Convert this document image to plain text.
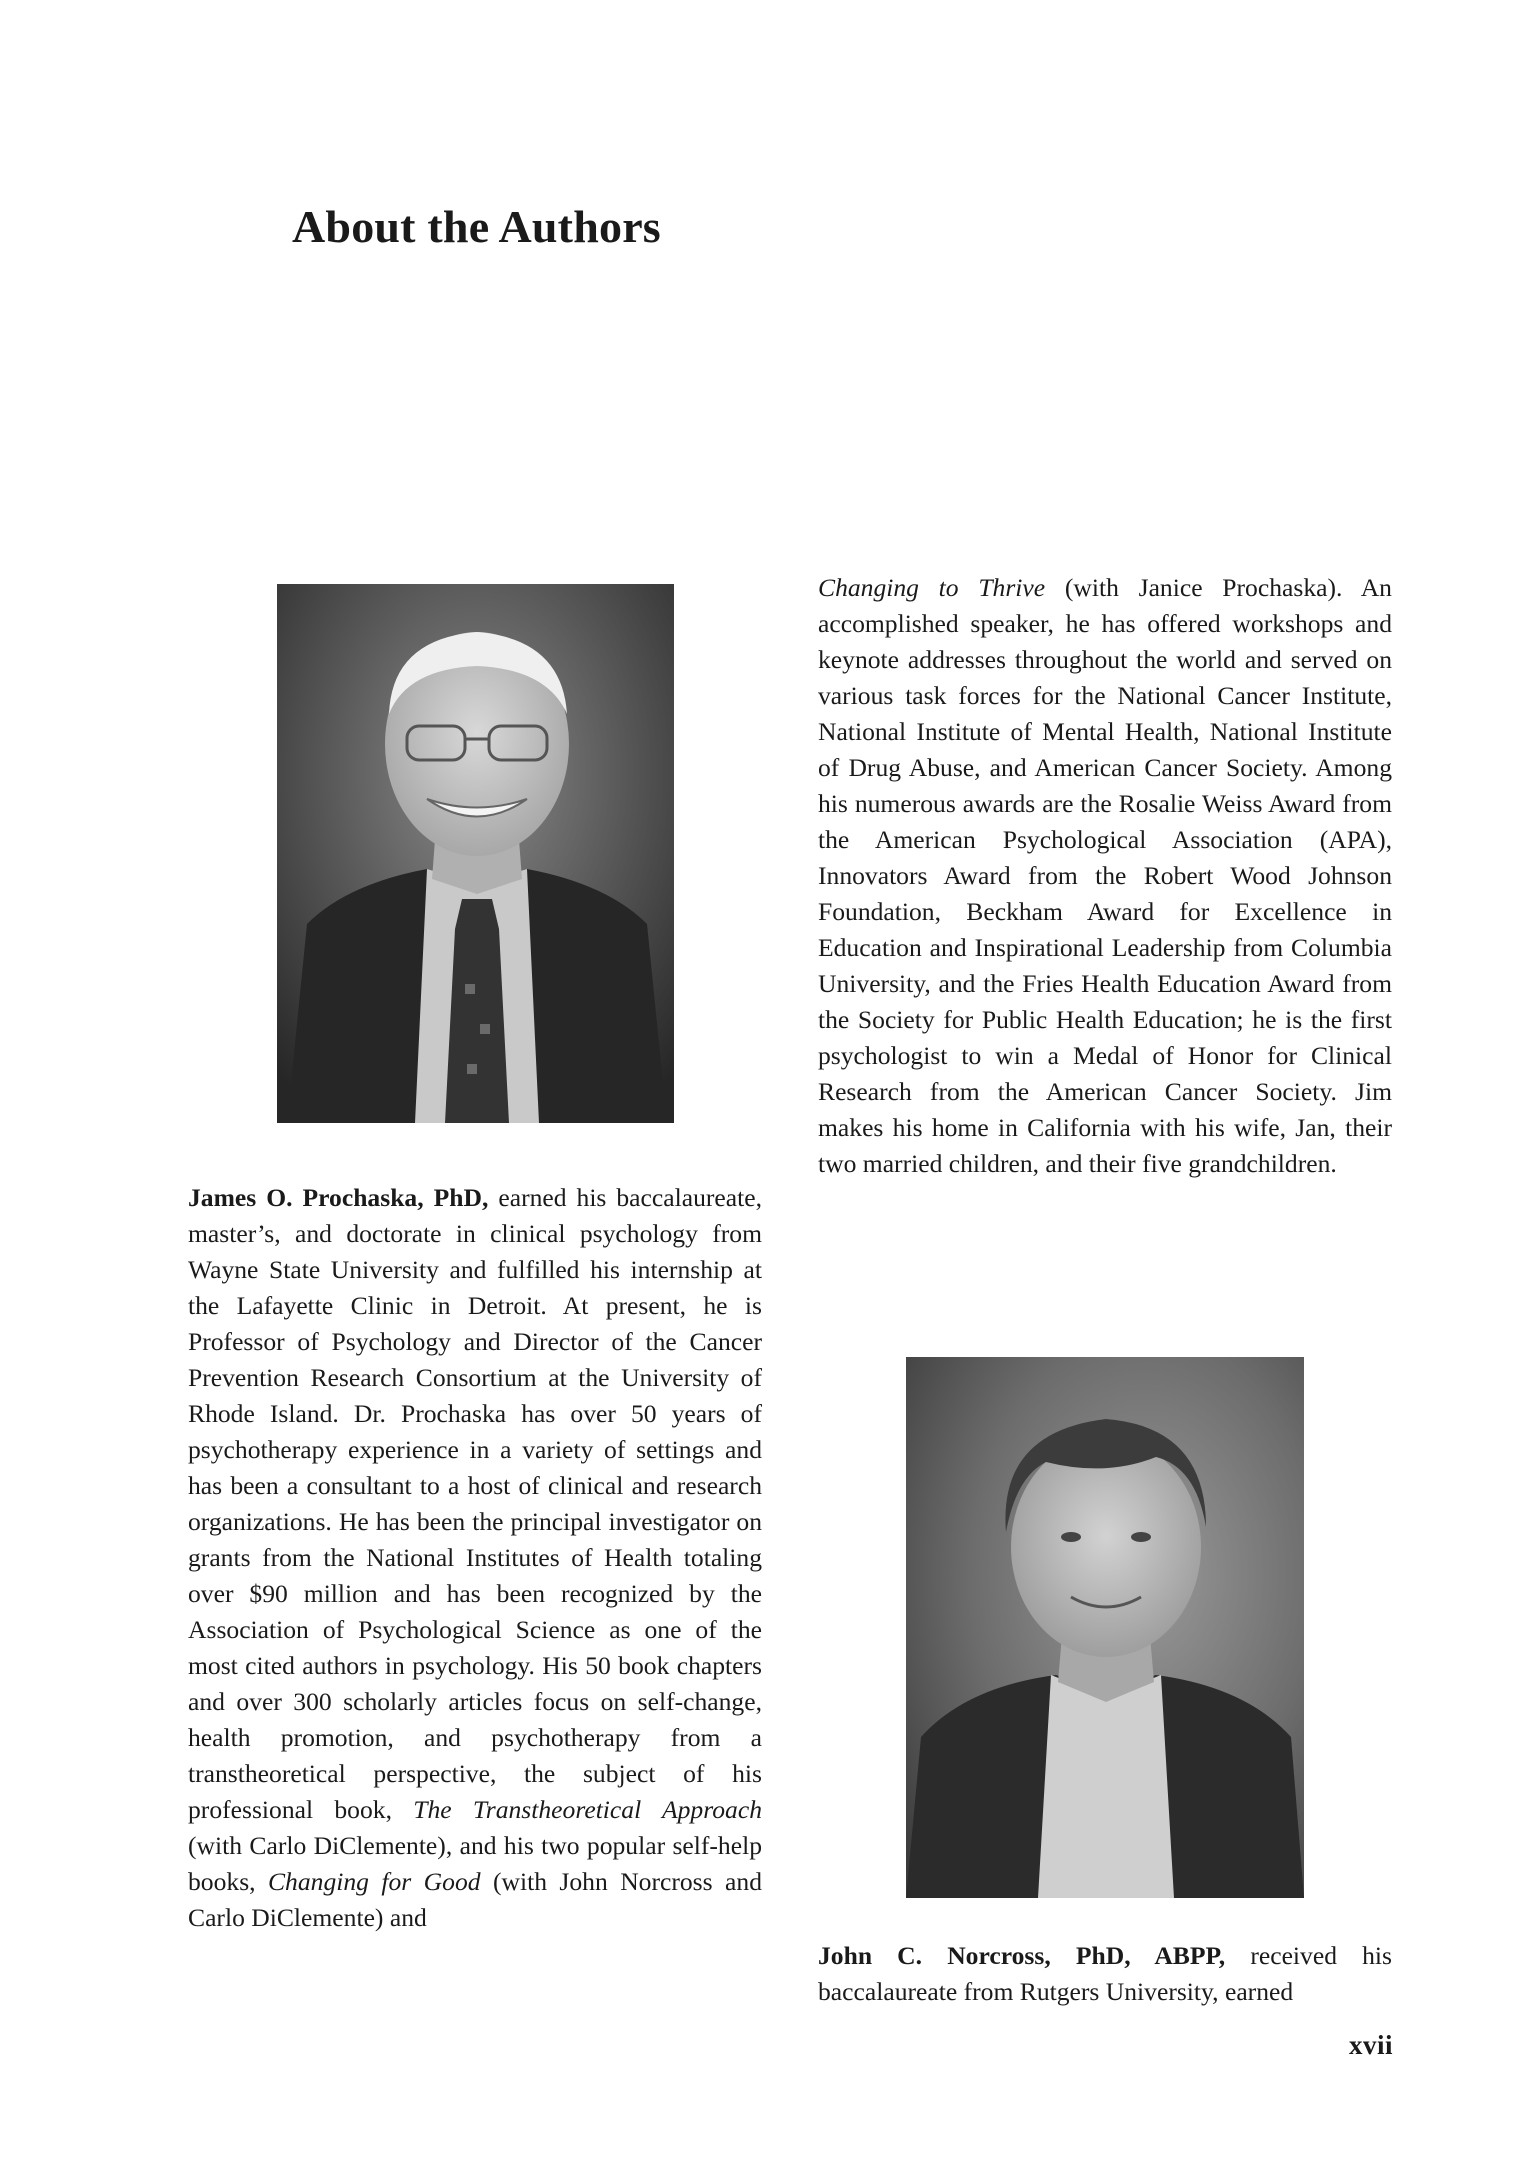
About the Authors

James O. Prochaska, PhD, earned his baccalaureate, master’s, and doctorate in clinical psychology from Wayne State University and fulfilled his internship at the Lafayette Clinic in Detroit. At present, he is Professor of Psychology and Director of the Cancer Prevention Research Consortium at the University of Rhode Island. Dr. Prochaska has over 50 years of psychotherapy experience in a variety of settings and has been a consultant to a host of clinical and research organizations. He has been the principal investigator on grants from the National Institutes of Health totaling over $90 million and has been recognized by the Association of Psychological Science as one of the most cited authors in psychology. His 50 book chapters and over 300 scholarly articles focus on self-change, health promotion, and psychotherapy from a transtheoretical perspective, the subject of his professional book, The Transtheoretical Approach (with Carlo DiClemente), and his two popular self-help books, Changing for Good (with John Norcross and Carlo DiClemente) and

Changing to Thrive (with Janice Prochaska). An accomplished speaker, he has offered workshops and keynote addresses throughout the world and served on various task forces for the National Cancer Institute, National Institute of Mental Health, National Institute of Drug Abuse, and American Cancer Society. Among his numerous awards are the Rosalie Weiss Award from the American Psychological Association (APA), Innovators Award from the Robert Wood Johnson Foundation, Beckham Award for Excellence in Education and Inspirational Leadership from Columbia University, and the Fries Health Education Award from the Society for Public Health Education; he is the first psychologist to win a Medal of Honor for Clinical Research from the American Cancer Society. Jim makes his home in California with his wife, Jan, their two married children, and their five grandchildren.

John C. Norcross, PhD, ABPP, received his baccalaureate from Rutgers University, earned

xvii
